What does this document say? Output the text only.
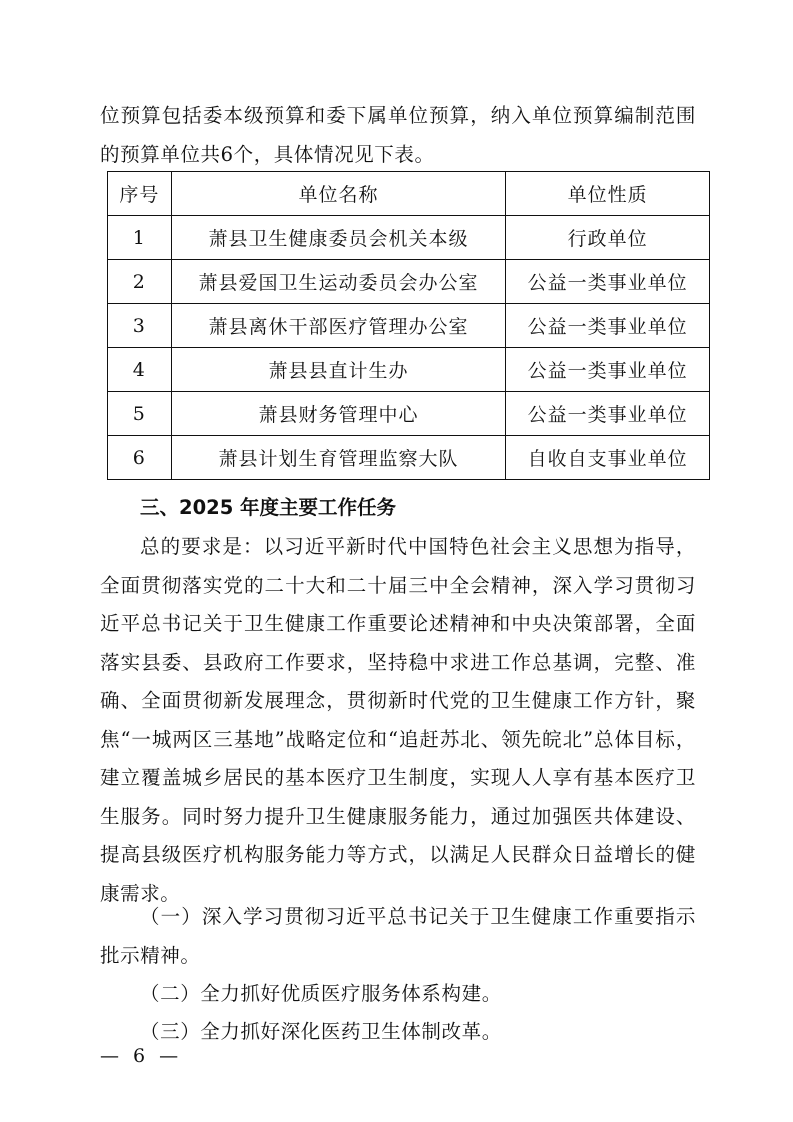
位预算包括委本级预算和委下属单位预算，纳入单位预算编制范围的预算单位共6个，具体情况见下表。

序号	单位名称	单位性质
1	萧县卫生健康委员会机关本级	行政单位
2	萧县爱国卫生运动委员会办公室	公益一类事业单位
3	萧县离休干部医疗管理办公室	公益一类事业单位
4	萧县县直计生办	公益一类事业单位
5	萧县财务管理中心	公益一类事业单位
6	萧县计划生育管理监察大队	自收自支事业单位
三、2025 年度主要工作任务

总的要求是：以习近平新时代中国特色社会主义思想为指导，全面贯彻落实党的二十大和二十届三中全会精神，深入学习贯彻习近平总书记关于卫生健康工作重要论述精神和中央决策部署，全面落实县委、县政府工作要求，坚持稳中求进工作总基调，完整、准确、全面贯彻新发展理念，贯彻新时代党的卫生健康工作方针，聚焦“一城两区三基地”战略定位和“追赶苏北、领先皖北”总体目标，建立覆盖城乡居民的基本医疗卫生制度，实现人人享有基本医疗卫生服务。同时努力提升卫生健康服务能力，通过加强医共体建设、提高县级医疗机构服务能力等方式，以满足人民群众日益增长的健康需求。

（一）深入学习贯彻习近平总书记关于卫生健康工作重要指示批示精神。

（二）全力抓好优质医疗服务体系构建。

（三）全力抓好深化医药卫生体制改革。

— 6 —
